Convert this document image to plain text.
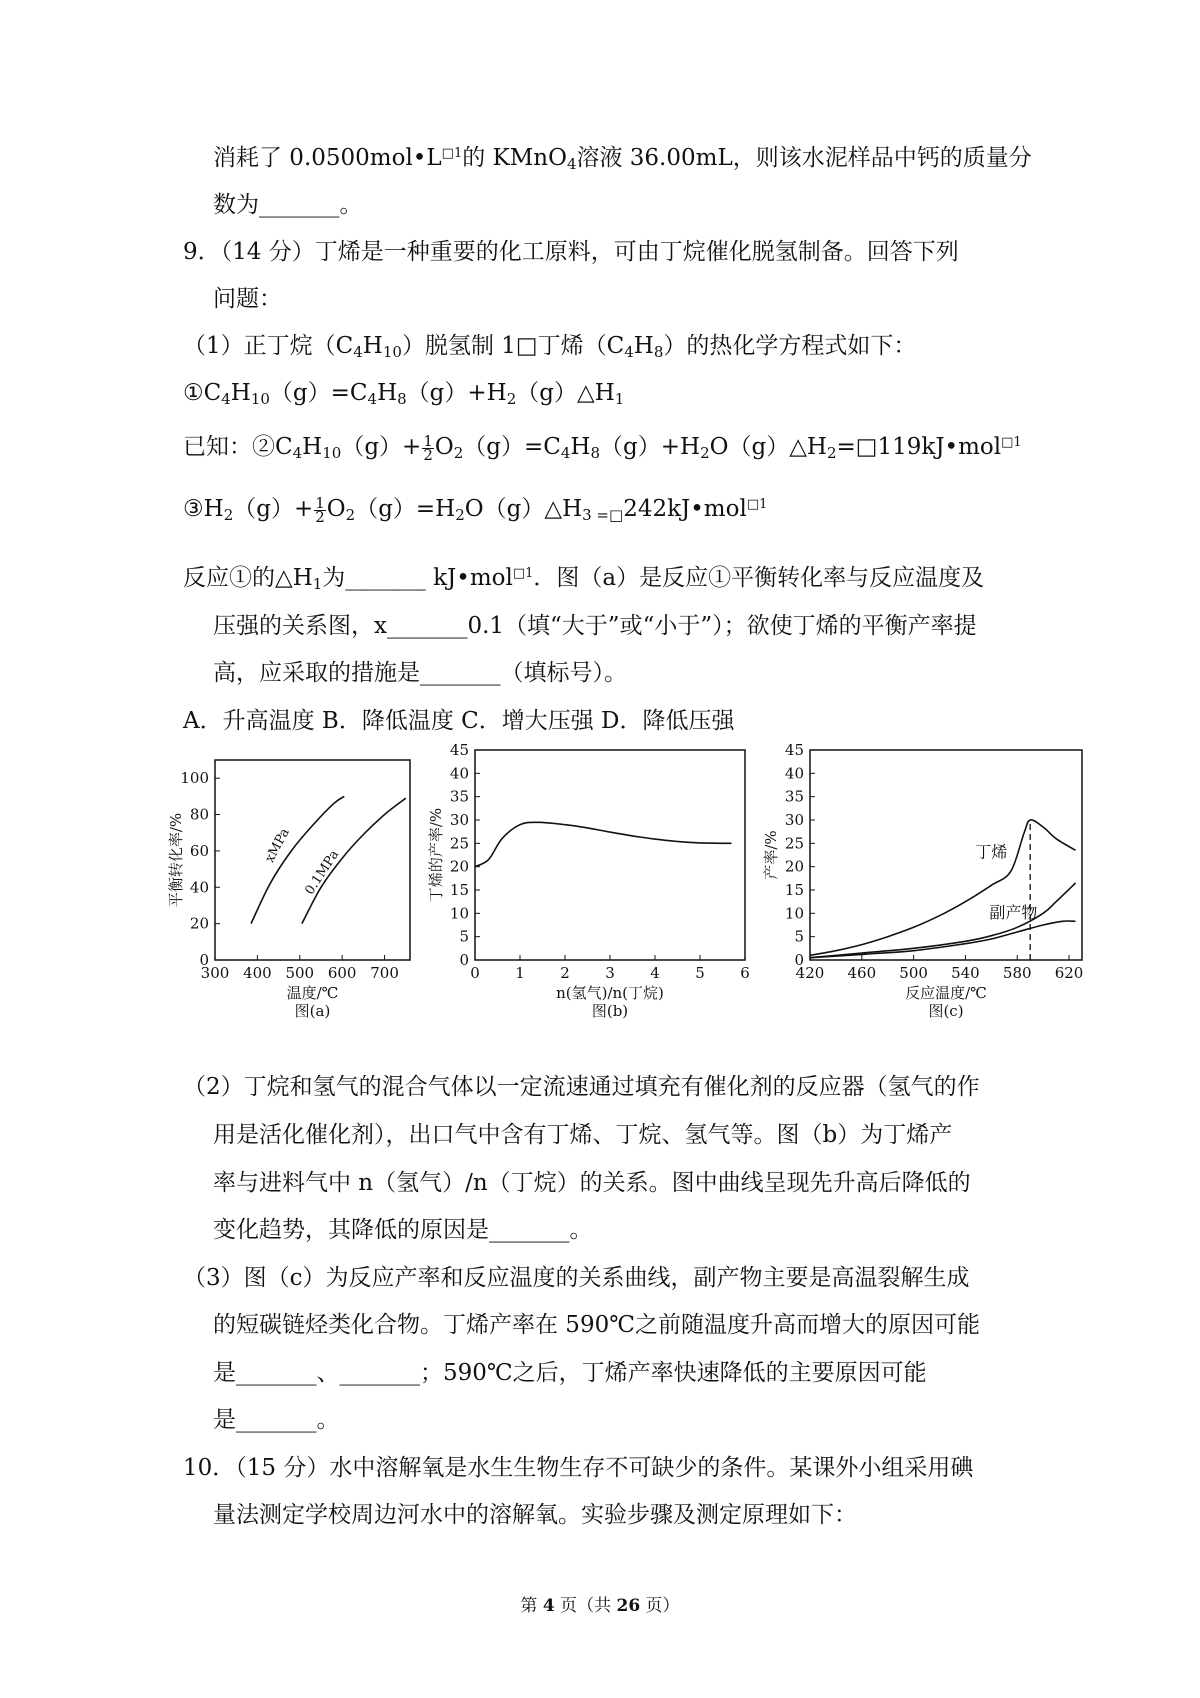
消耗了 $0.0500mol•L^{□1}$的 KMnO$_4$溶液 36.00mL，则该水泥样品中钙的质量分
数为_______。
9．（14 分）丁烯是一种重要的化工原料，可由丁烷催化脱氢制备。回答下列
问题：
（1）正丁烷$(C_4H_{10})$脱氢制 1□丁烯$(C_4H_8)$的热化学方程式如下：
$①C_4H_{10}(g)=C_4H_8(g)+H_2(g)\triangle H_1$
已知：$②C_4H_{10}(g)+ \frac{1}{2}$ $O_2(g)=C_4H_8(g)+H_2O(g)\triangle H_2=□119kJ•mol^{□1}$
$③H_2(g)+ \frac{1}{2}$ $O_2(g)=H_2O(g)\triangle H_{3 =□}242kJ•mol^{□1}$
反应①的$\triangle H_1$为_______ kJ•mol$^{□1}$．图（a）是反应①平衡转化率与反应温度及
压强的关系图，x_______0.1（填“大于”或“小于”）；欲使丁烯的平衡产率提
高，应采取的措施是_______（填标号）。
A．升高温度 B．降低温度 C．增大压强 D．降低压强
300 400 500 600 700
0
20
40
60
80
100
温度/℃
图(a)
平衡转化率/%	xMPa
0.1MPa
0 1 2 3 4 5 6
0
5
10
15
20
25
30
35
40
45
n(氢气)/n(丁烷)
图(b)
丁烯的产率/%
420 460 500 540 580 620
0
5
10
15
20
25
30
35
40
45
反应温度/℃
图(c)
产率/%	丁烯
副产物
（2）丁烷和氢气的混合气体以一定流速通过填充有催化剂的反应器（氢气的作
用是活化催化剂），出口气中含有丁烯、丁烷、氢气等。图（b）为丁烯产
率与进料气中 n（氢气）/n（丁烷）的关系。图中曲线呈现先升高后降低的
变化趋势，其降低的原因是_______。
（3）图（c）为反应产率和反应温度的关系曲线，副产物主要是高温裂解生成
的短碳链烃类化合物。丁烯产率在 590℃之前随温度升高而增大的原因可能
是_______、_______；590℃之后，丁烯产率快速降低的主要原因可能
是_______。
10．（15 分）水中溶解氧是水生生物生存不可缺少的条件。某课外小组采用碘
量法测定学校周边河水中的溶解氧。实验步骤及测定原理如下：
第 4 页（共 26 页）
